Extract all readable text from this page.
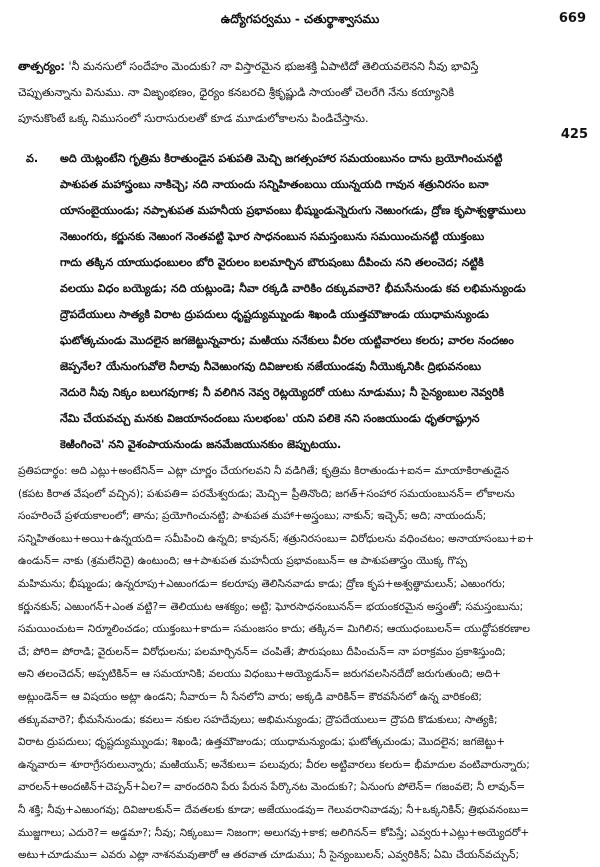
ఉద్యోగపర్వము - చతుర్థాశ్వాసము	669
తాత్పర్యం: 'నీ మనసులో సందేహం మెందుకు? నా విస్తారమైన భుజశక్తి ఏపాటిదో తెలియవలెనని నీవు భావిస్తే
చెప్పుతున్నాను వినుము. నా విజృంభణం, ధైర్యం కనబరచి శ్రీకృష్ణుడి సాయంతో చెలరేగి నేను కయ్యానికి
పూనుకొంటే ఒక్క నిముసంలో సురాసురులతో కూడ మూడులోకాలను పిండిచేస్తాను.
వ.	అది యెట్లంటేని గృత్రిమ కిరాతుండైన పశుపతి మెచ్చి జగత్సంహార సమయంబునం దాను బ్రయోగించునట్టి
పాశుపత మహాస్త్రంబు నాకిచ్చె; నది నాయందు సన్నిహితంబయి యున్నయది గావున శత్రునిరసం బనా
యాసంబైయుండు; నప్పాశుపత మహనీయ ప్రభావంబు భీష్ముండున్నెరుఁగు నెఱుంగఁడు, ద్రోణ కృపాశ్వత్థాములు
నెఱుంగరు, కర్ణునకు నెఱుంగ నెంతవట్టి ఘోర సాధనంబున సమస్తంబును సమయించునట్టి యుక్తంబు
గాదు తక్కిన యాయుధంబులం బోరి వైరులం బలమార్చిన బౌరుషంబు దీపించు నని తలంచెద; నట్టికి
వలయు విధం బయ్యెడు; నది యట్లుండె; నీవా రక్కడి వారికిం దక్కువవారె? భీమసేనుండు కవ లభిమన్యుండు
ద్రౌపదేయులు సాత్యకి విరాట ద్రుపదులు ధృష్టద్యుమ్నుండు శిఖండి యుత్తమౌజుండు యుధామన్యుండు
ఘటోత్కచుండు మొదలైన జగజెట్టున్నవారు; మఱియు ననేకులు వీరల యట్టివారలు కలరు; వారల నందఱం
జెప్పనేల? యేనుంగువోలె నీలావు నీవెఱుంగవు దివిజులకు నజేయుండవు నీయొక్కనికిఁ ద్రిభువనంబు
నెదురె నీవు నిక్కం బలుగవుగాక; నీ వలిగిన నెవ్వ రెట్లయ్యెదరో యటు నూడుము; నీ సైన్యంబుల నెవ్వరికి
నేమి చేయవచ్చు మనకు విజయానందంబు సులభంబ' యని పలికె నని సంజయుండు ధృతరాష్ట్రున
కెఱింగించె' నని వైశంపాయనుండు జనమేజయునకుం జెప్పుటయు.
425
ప్రతిపదార్థం: అది ఎట్లు+అంటేనిన్= ఎట్లా చూర్ణం చేయగలవని నీ వడిగితే; కృత్రిమ కిరాతుండు+ఐన= మాయాకిరాతుడైన
(కపట కిరాత వేషంలో వచ్చిన); పశుపతి= పరమేశ్వరుడు; మెచ్చి= ప్రీతినొంది; జగత్+సంహార సమయంబునన్= లోకాలను
సంహరించే ప్రళయకాలంలో; తాను; ప్రయోగించునట్టి; పాశుపత మహా+అస్త్రంబు; నాకున్; ఇచ్చెన్; అది; నాయందున్;
సన్నిహితంబు+అయి+ఉన్నయది= సమీపించి ఉన్నది; కావునన్; శత్రునిరసంబు= విరోధులను వధించటం; అనాయాసంబు+ఐ+
ఉండున్= నాకు (శ్రమలేనిదై) ఉంటుంది; ఆ+పాశుపత మహనీయ ప్రభావంబున్= ఆ పాశుపతాస్త్రం యొక్క గొప్ప
మహిమను; భీష్ముండు; ఉన్నరూపు+ఎఱుంగడు= కలరూపు తెలిసినవాడు కాడు; ద్రోణ కృప+అశ్వత్థామలున్; ఎఱుంగరు;
కర్ణునకున్; ఎఱుంగన్+ఎంత వట్టి?= తెలియుట ఆశక్యం; అట్టి; ఘోరసాధనంబునన్= భయంకరమైన అస్త్రంతో; సమస్తంబును;
సమయించుట= నిర్మూలించడం; యుక్తంబు+కాదు= సమంజసం కాదు; తక్కిన= మిగిలిన; ఆయుధంబులన్= యుద్ధోపకరణాల
చే; పోరి= పోరాడి; వైరులన్= విరోధులను; పలమార్చినన్= చంపితే; పౌరుషంబు దీపించున్= నా పరాక్రమం ప్రకాశిస్తుంది;
అని తలంచెదన్; అప్పటికిన్= ఆ సమయానికి; వలయు విధంబు+అయ్యెడున్= జరుగవలసినదేదో జరుగుతుంది; అది+
అట్లుండెన్= ఆ విషయం అట్లా ఉండని; నీవారు= నీ సేనలోని వారు; అక్కడి వారికిన్= కౌరవసేనలో ఉన్న వారికంటె;
తక్కువవారె?; భీమసేనుండు; కవలు= నకుల సహదేవులు; అభిమన్యుండు; ద్రౌపదేయులు= ద్రౌపది కొడుకులు; సాత్యకి;
విరాట ద్రుపదులు; ధృష్టద్యుమ్నుండు; శిఖండి; ఉత్తమౌజుండు; యుధామన్యుండు; ఘటోత్కచుండు; మొదలైన; జగజెట్టు+
ఉన్నవారు= శూరాగ్రేసరులున్నారు; మఱియున్; అనేకులు= పలువురు; వీరల అట్టివారలు కలరు= భీమాదుల వంటివారున్నారు;
వారలన్+అందఱిన్+చెప్పన్+ఏల?= వారందరిని పేరు పేరున పేర్కొనట మెందుకు?; ఏనుంగు పోలెన్= గజంవలె; నీ లావున్=
నీ శక్తి; నీవు+ఎఱుంగవు; దివిజులకున్= దేవతలకు కూడా; అజేయుండవు= గెలువరానివాడవు; నీ+ఒక్కనికిన్; త్రిభువనంబు=
ముజ్జగాలు; ఎదురె?= అడ్డమా?; నీవు; నిక్కంబు= నిజంగా; అలుగవు+కాక; అలిగినన్= కోపిస్తే; ఎవ్వరు+ఎట్లు+అయ్యెదరో+
అటు+చూడుము= ఎవరు ఎట్లా నాశనమవుతారో ఆ తరవాత చూడుము; నీ సైన్యంబులన్; ఎవ్వరికిన్; ఏమి చేయన్‌వచ్చున్;
